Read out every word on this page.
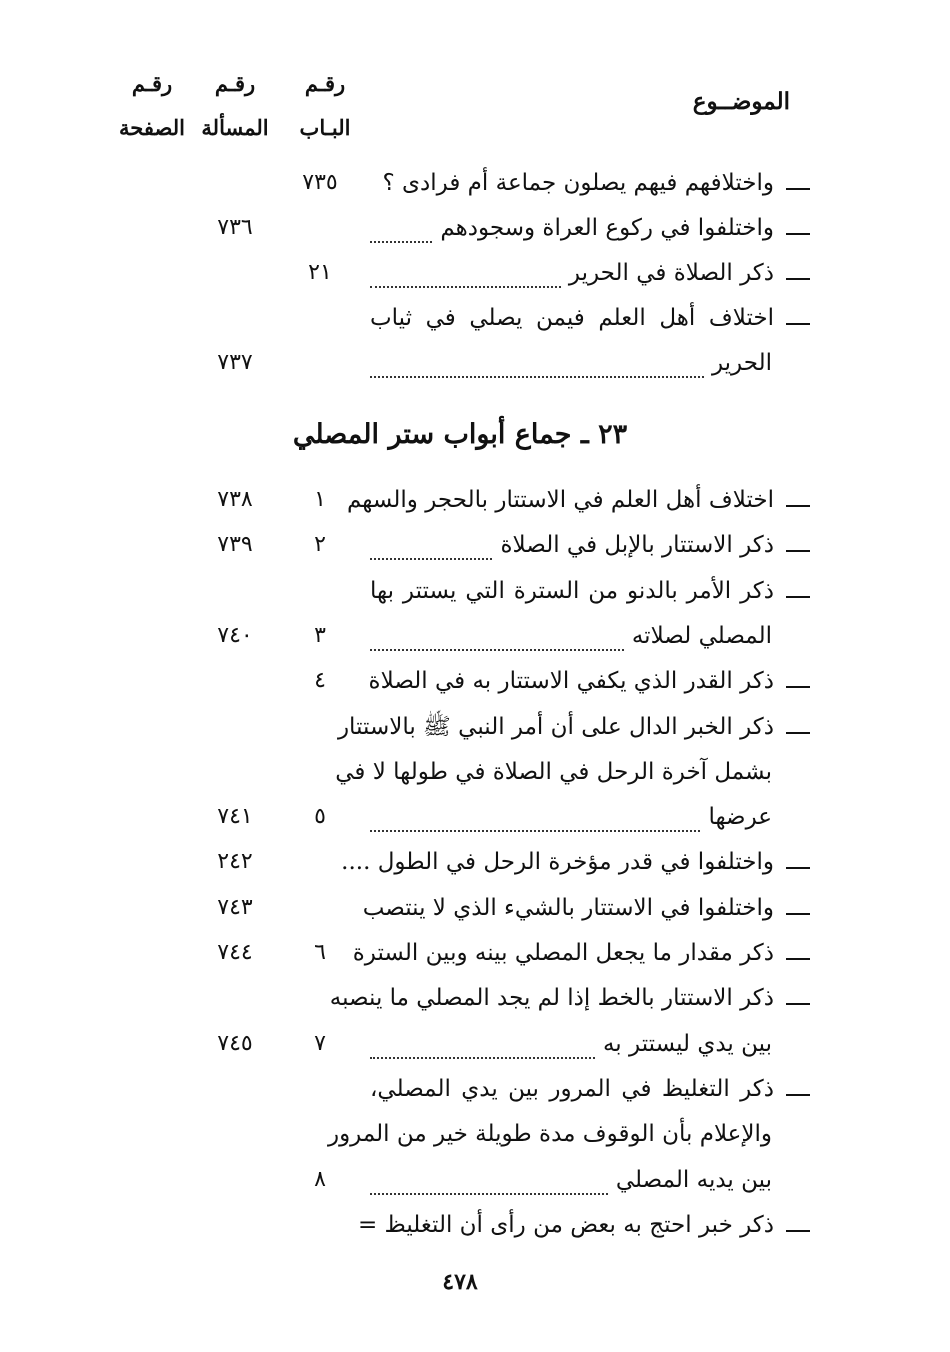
الموضــوع
رقـم
البـاب
رقـم
المسألة
رقـم
الصفحة
واختلافهم فيهم يصلون جماعة أم فرادى ؟
٧٣٥
واختلفوا في ركوع العراة وسجودهم
٧٣٦
ذكر الصلاة في الحرير
٢١
اختلاف أهل العلم فيمن يصلي في ثياب
الحرير
٧٣٧
٢٣ ـ جماع أبواب ستر المصلي
اختلاف أهل العلم في الاستتار بالحجر والسهم
١
٧٣٨
ذكر الاستتار بالإبل في الصلاة
٢
٧٣٩
ذكر الأمر بالدنو من السترة التي يستتر بها
المصلي لصلاته
٣
٧٤٠
ذكر القدر الذي يكفي الاستتار به في الصلاة
٤
ذكر الخبر الدال على أن أمر النبي ﷺ بالاستتار
بشمل آخرة الرحل في الصلاة في طولها لا في
عرضها
٥
٧٤١
واختلفوا في قدر مؤخرة الرحل في الطول ....
٢٤٢
واختلفوا في الاستتار بالشيء الذي لا ينتصب
٧٤٣
ذكر مقدار ما يجعل المصلي بينه وبين السترة
٦
٧٤٤
ذكر الاستتار بالخط إذا لم يجد المصلي ما ينصبه
بين يدي ليستتر به
٧
٧٤٥
ذكر التغليظ في المرور بين يدي المصلي،
والإعلام بأن الوقوف مدة طويلة خير من المرور
بين يديه المصلي
٨
ذكر خبر احتج به بعض من رأى أن التغليظ =
٤٧٨
